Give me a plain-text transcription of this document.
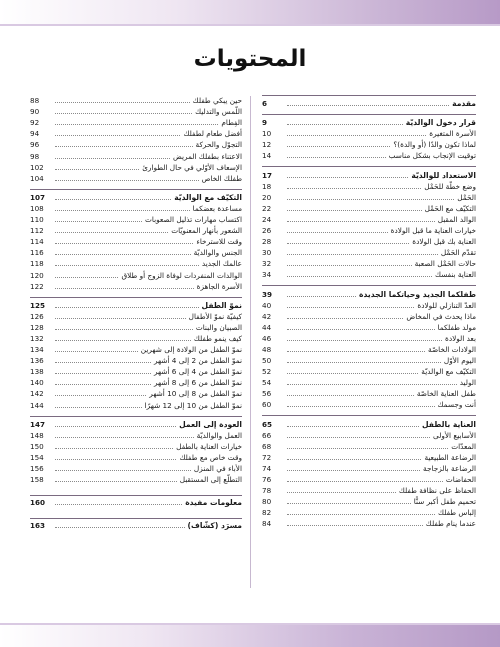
المحتويات
مقدمة
6
قرار دخول الوالديّة
9
الأسرة المتغيرة
10
لماذا تكون والدًا (أو والدة)؟
12
توقيت الإنجاب بشكل مناسب
14
الاستعداد للوالديّة
17
وضع خطّة للحَمْل
18
الحَمْل
20
التكيّف مع الحَمْل
22
الوالد المقبل
24
خيارات العناية ما قبل الولادة
26
العناية بك قبل الولادة
28
تقدّم الحَمْل
30
حالات الحَمْل الصعبة
32
العناية بنفسك
34
طفلكما الجديد وحياتكما الجديدة
39
العدّ التنازلي للولادة
40
ماذا يحدث في المخاض
42
مولد طفلكما
44
بعد الولادة
46
الولادات الخاصّة
48
اليوم الأوّل
50
التكيّف مع الوالديّة
52
الوليد
54
طفل العناية الخاصّة
56
أنت وجسمك
60
العناية بالطفل
65
الأسابيع الأولى
66
المعدّات
68
الرضاعة الطبيعية
72
الرضاعة بالزجاجة
74
الحفاضات
76
الحفاظ على نظافة طفلك
78
تحميم طفل أكبر سنًّا
80
إلباس طفلك
82
عندما ينام طفلك
84
حين يبكي طفلك
88
اللّمس والتدليك
90
الفِطام
92
أفضل طعام لطفلك
94
التجوّل والحركة
96
الاعتناء بطفلك المريض
98
الإسعاف الأوّلي في حال الطوارئ
102
طفلك الخاص
104
التكيّف مع الوالديّة
107
مساعدة بعضكما
108
اكتساب مهارات تذليل الصعوبات
110
الشعور بأنهار المعنويّات
112
وقت للاسترخاء
114
الجنس والوالديّة
116
عالمك الجديد
118
الوالدات المنفردات لوفاة الزوج أو طلاق
120
الأسرة الجاهزة
122
نموّ الطفل
125
كيفيّة نموّ الأطفال
126
الصبيان والبنات
128
كيف ينمو طفلك
132
نموّ الطفل من الولادة إلى شهرين
134
نموّ الطفل من 2 إلى 4 أشهر
136
نموّ الطفل من 4 إلى 6 أشهر
138
نموّ الطفل من 6 إلى 8 أشهر
140
نموّ الطفل من 8 إلى 10 أشهر
142
نموّ الطفل من 10 إلى 12 شهرًا
144
العودة إلى العمل
147
العمل والوالديّة
148
خيارات العناية بالطفل
150
وقت خاص مع طفلك
154
الأباء في المنزل
156
التطلّع إلى المستقبل
158
معلومات مفيدة
160
مسرَد (كشّاف)
163
